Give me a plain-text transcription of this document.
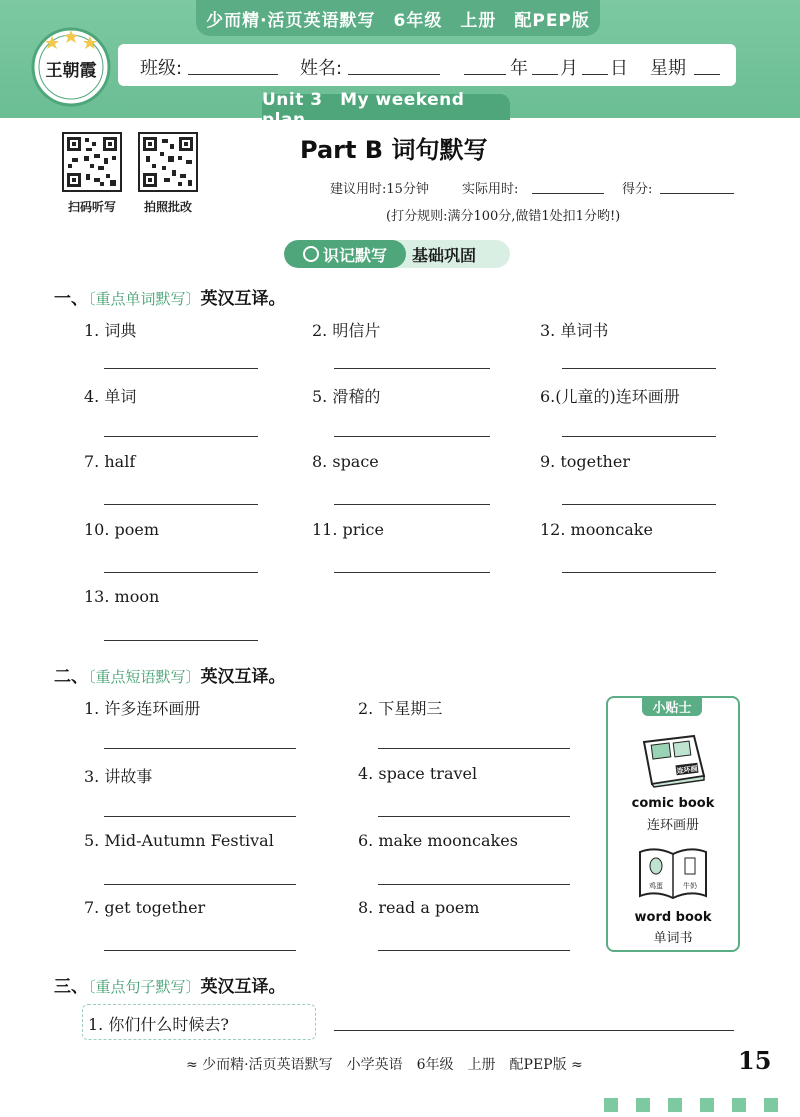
少而精·活页英语默写　6年级　上册　配PEP版
王朝霞 班级:	姓名:	年 月 日 星期
Unit 3　My weekend plan
扫码听写	拍照批改
Part B 词句默写
建议用时:15分钟	实际用时:	得分:
(打分规则:满分100分,做错1处扣1分哟!)
识记默写 基础巩固
一、〔重点单词默写〕英汉互译。
1. 词典	2. 明信片	3. 单词书
4. 单词	5. 滑稽的	6.(儿童的)连环画册
7. half	8. space	9. together
10. poem	11. price	12. mooncake
13. moon
二、〔重点短语默写〕英汉互译。
1. 许多连环画册	2. 下星期三
3. 讲故事	4. space travel
5. Mid-Autumn Festival	6. make mooncakes
7. get together	8. read a poem
小贴士
连环画
comic book
连环画册
鸡蛋	牛奶
word book
单词书
三、〔重点句子默写〕英汉互译。
1. 你们什么时候去?
≈ 少而精·活页英语默写　小学英语　6年级　上册　配PEP版 ≈	15
